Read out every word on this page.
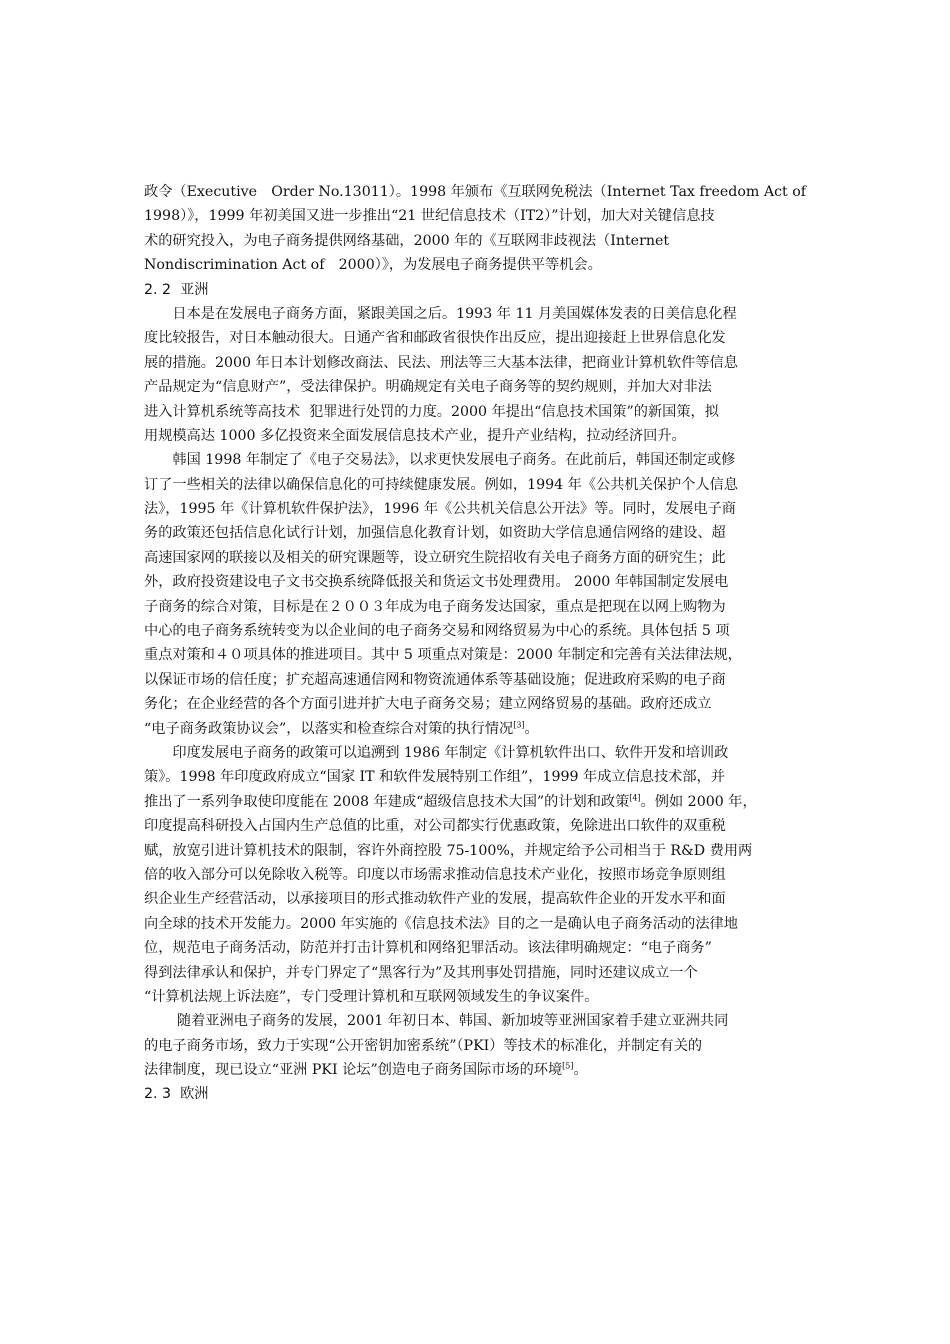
政令（Executive　Order No.13011）。1998 年颁布《互联网免税法（Internet Tax freedom Act of
1998）》，1999 年初美国又进一步推出“21 世纪信息技术（IT2）”计划，加大对关键信息技
术的研究投入，为电子商务提供网络基础，2000 年的《互联网非歧视法（Internet
Nondiscrimination Act of　2000）》，为发展电子商务提供平等机会。
2. 2  亚洲
　　日本是在发展电子商务方面，紧跟美国之后。1993 年 11 月美国媒体发表的日美信息化程
度比较报告，对日本触动很大。日通产省和邮政省很快作出反应，提出迎接赶上世界信息化发
展的措施。2000 年日本计划修改商法、民法、刑法等三大基本法律，把商业计算机软件等信息
产品规定为“信息财产”，受法律保护。明确规定有关电子商务等的契约规则，并加大对非法
进入计算机系统等高技术  犯罪进行处罚的力度。2000 年提出“信息技术国策”的新国策，拟
用规模高达 1000 多亿投资来全面发展信息技术产业，提升产业结构，拉动经济回升。
　　韩国 1998 年制定了《电子交易法》，以求更快发展电子商务。在此前后，韩国还制定或修
订了一些相关的法律以确保信息化的可持续健康发展。例如，1994 年《公共机关保护个人信息
法》，1995 年《计算机软件保护法》，1996 年《公共机关信息公开法》等。同时，发展电子商
务的政策还包括信息化试行计划，加强信息化教育计划，如资助大学信息通信网络的建设、超
高速国家网的联接以及相关的研究课题等，设立研究生院招收有关电子商务方面的研究生；此
外，政府投资建设电子文书交换系统降低报关和货运文书处理费用。 2000 年韩国制定发展电
子商务的综合对策，目标是在２００３年成为电子商务发达国家，重点是把现在以网上购物为
中心的电子商务系统转变为以企业间的电子商务交易和网络贸易为中心的系统。具体包括 5 项
重点对策和４０项具体的推进项目。其中 5 项重点对策是：2000 年制定和完善有关法律法规，
以保证市场的信任度；扩充超高速通信网和物资流通体系等基础设施；促进政府采购的电子商
务化；在企业经营的各个方面引进并扩大电子商务交易；建立网络贸易的基础。政府还成立
“电子商务政策协议会”，以落实和检查综合对策的执行情况[3]。
　　印度发展电子商务的政策可以追溯到 1986 年制定《计算机软件出口、软件开发和培训政
策》。1998 年印度政府成立“国家 IT 和软件发展特别工作组”，1999 年成立信息技术部，并
推出了一系列争取使印度能在 2008 年建成“超级信息技术大国”的计划和政策[4]。例如 2000 年，
印度提高科研投入占国内生产总值的比重，对公司都实行优惠政策，免除进出口软件的双重税
赋，放宽引进计算机技术的限制，容许外商控股 75-100%，并规定给予公司相当于 R&D 费用两
倍的收入部分可以免除收入税等。印度以市场需求推动信息技术产业化，按照市场竞争原则组
织企业生产经营活动，以承接项目的形式推动软件产业的发展，提高软件企业的开发水平和面
向全球的技术开发能力。2000 年实施的《信息技术法》目的之一是确认电子商务活动的法律地
位，规范电子商务活动，防范并打击计算机和网络犯罪活动。该法律明确规定：“电子商务”
得到法律承认和保护，并专门界定了“黑客行为”及其刑事处罚措施，同时还建议成立一个
“计算机法规上诉法庭”，专门受理计算机和互联网领域发生的争议案件。
　　 随着亚洲电子商务的发展，2001 年初日本、韩国、新加坡等亚洲国家着手建立亚洲共同
的电子商务市场，致力于实现“公开密钥加密系统”（PKI）等技术的标准化，并制定有关的
法律制度，现已设立“亚洲 PKI 论坛”创造电子商务国际市场的环境[5]。
2. 3  欧洲
